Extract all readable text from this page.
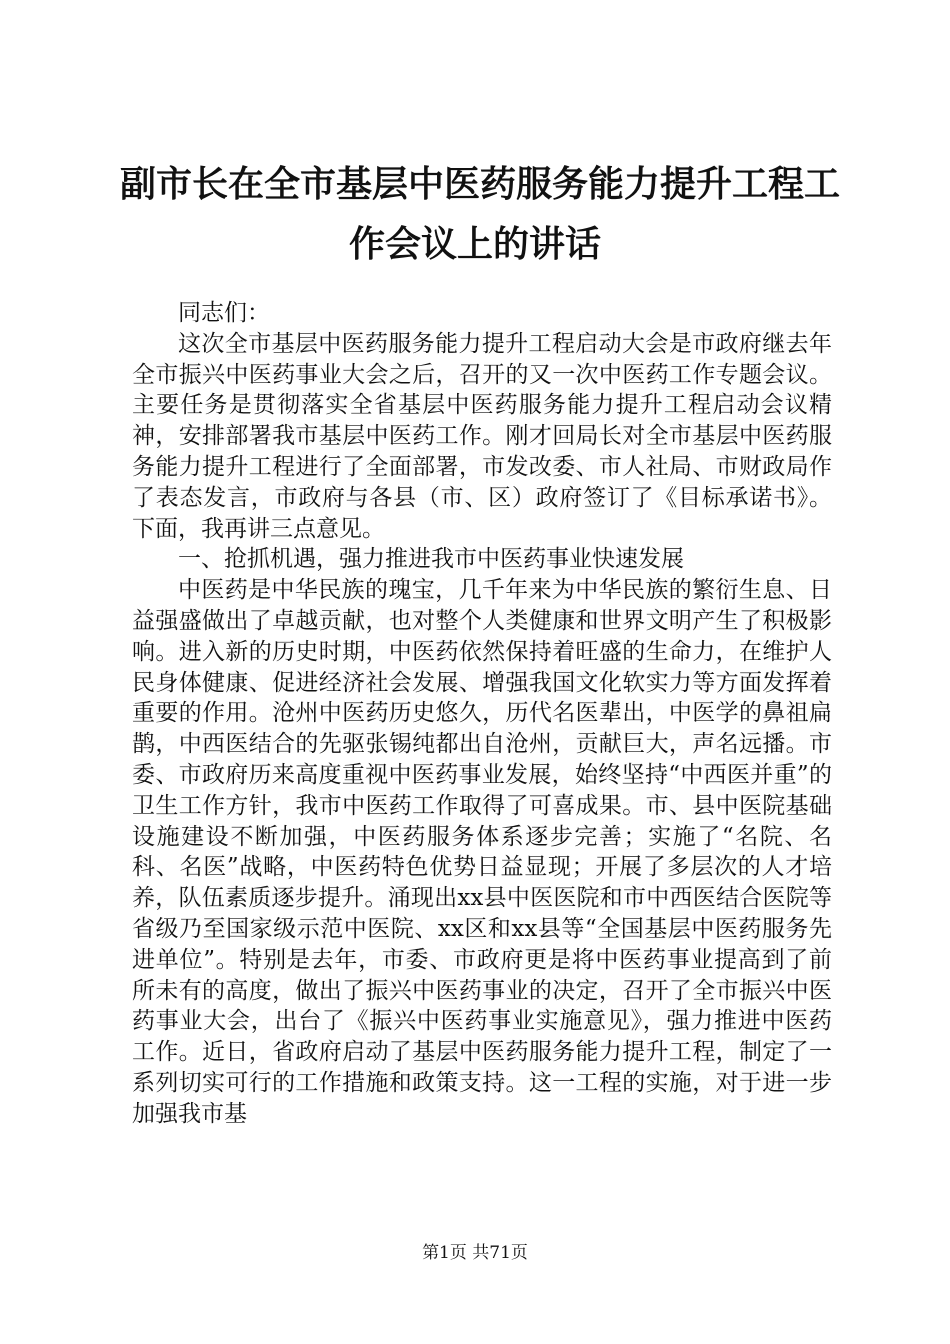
副市长在全市基层中医药服务能力提升工程工
作会议上的讲话

同志们：

这次全市基层中医药服务能力提升工程启动大会是市政府继去年全市振兴中医药事业大会之后，召开的又一次中医药工作专题会议。主要任务是贯彻落实全省基层中医药服务能力提升工程启动会议精神，安排部署我市基层中医药工作。刚才回局长对全市基层中医药服务能力提升工程进行了全面部署，市发改委、市人社局、市财政局作了表态发言，市政府与各县（市、区）政府签订了《目标承诺书》。下面，我再讲三点意见。

一、抢抓机遇，强力推进我市中医药事业快速发展

中医药是中华民族的瑰宝，几千年来为中华民族的繁衍生息、日益强盛做出了卓越贡献，也对整个人类健康和世界文明产生了积极影响。进入新的历史时期，中医药依然保持着旺盛的生命力，在维护人民身体健康、促进经济社会发展、增强我国文化软实力等方面发挥着重要的作用。沧州中医药历史悠久，历代名医辈出，中医学的鼻祖扁鹊，中西医结合的先驱张锡纯都出自沧州，贡献巨大，声名远播。市委、市政府历来高度重视中医药事业发展，始终坚持“中西医并重”的卫生工作方针，我市中医药工作取得了可喜成果。市、县中医院基础设施建设不断加强，中医药服务体系逐步完善；实施了“名院、名科、名医”战略，中医药特色优势日益显现；开展了多层次的人才培养，队伍素质逐步提升。涌现出xx县中医医院和市中西医结合医院等省级乃至国家级示范中医院、xx区和xx县等“全国基层中医药服务先进单位”。特别是去年，市委、市政府更是将中医药事业提高到了前所未有的高度，做出了振兴中医药事业的决定，召开了全市振兴中医药事业大会，出台了《振兴中医药事业实施意见》，强力推进中医药工作。近日，省政府启动了基层中医药服务能力提升工程，制定了一系列切实可行的工作措施和政策支持。这一工程的实施，对于进一步加强我市基

第1页 共71页
